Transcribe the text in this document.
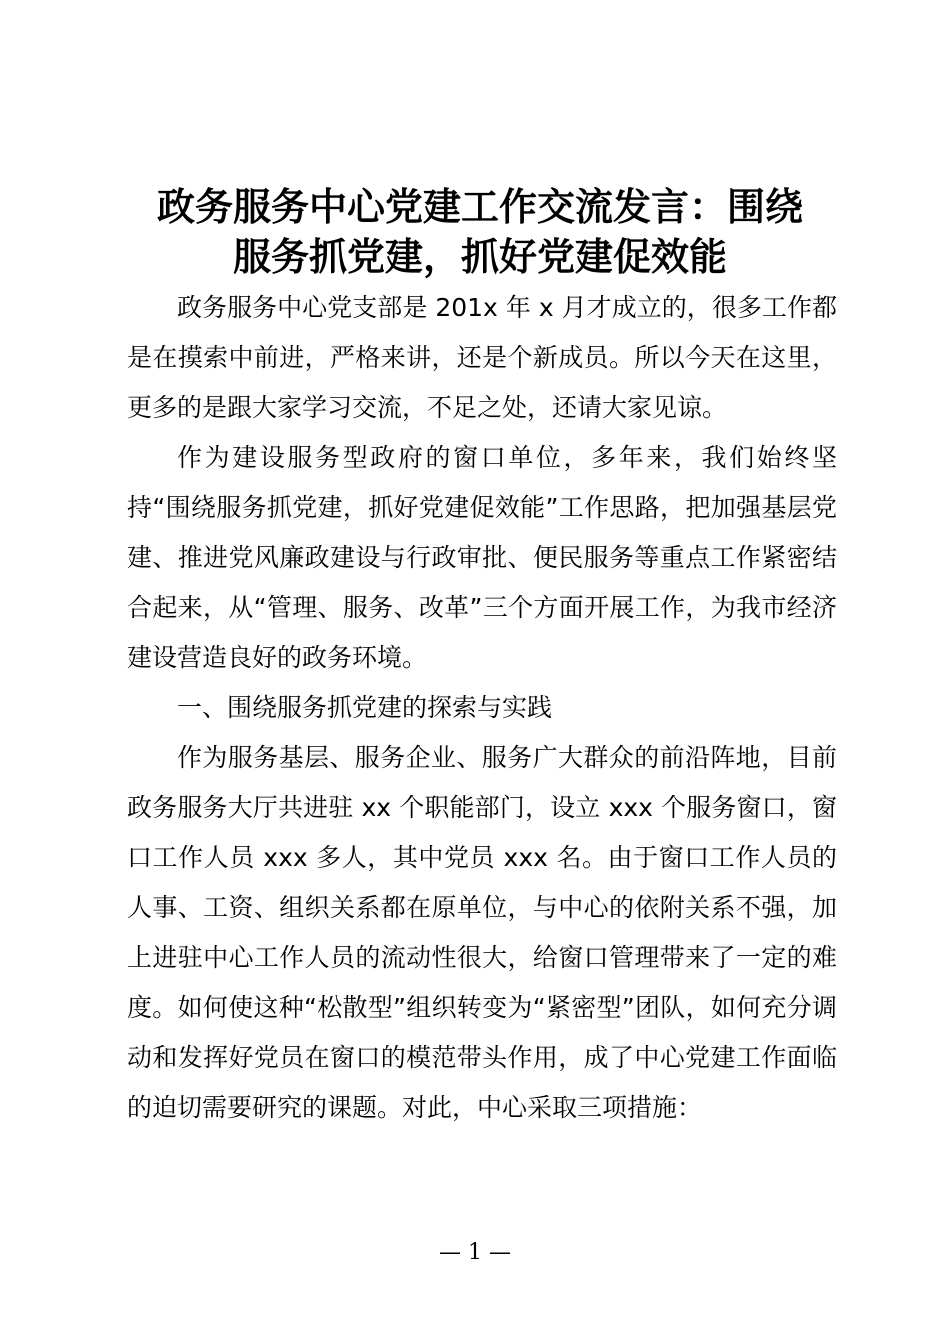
政务服务中心党建工作交流发言：围绕
服务抓党建，抓好党建促效能

政务服务中心党支部是 201x 年 x 月才成立的，很多工作都是在摸索中前进，严格来讲，还是个新成员。所以今天在这里，更多的是跟大家学习交流，不足之处，还请大家见谅。

作为建设服务型政府的窗口单位，多年来，我们始终坚持“围绕服务抓党建，抓好党建促效能”工作思路，把加强基层党建、推进党风廉政建设与行政审批、便民服务等重点工作紧密结合起来，从“管理、服务、改革”三个方面开展工作，为我市经济建设营造良好的政务环境。

一、围绕服务抓党建的探索与实践

作为服务基层、服务企业、服务广大群众的前沿阵地，目前政务服务大厅共进驻 xx 个职能部门，设立 xxx 个服务窗口，窗口工作人员 xxx 多人，其中党员 xxx 名。由于窗口工作人员的人事、工资、组织关系都在原单位，与中心的依附关系不强，加上进驻中心工作人员的流动性很大，给窗口管理带来了一定的难度。如何使这种“松散型”组织转变为“紧密型”团队，如何充分调动和发挥好党员在窗口的模范带头作用，成了中心党建工作面临的迫切需要研究的课题。对此，中心采取三项措施：

— 1 —
